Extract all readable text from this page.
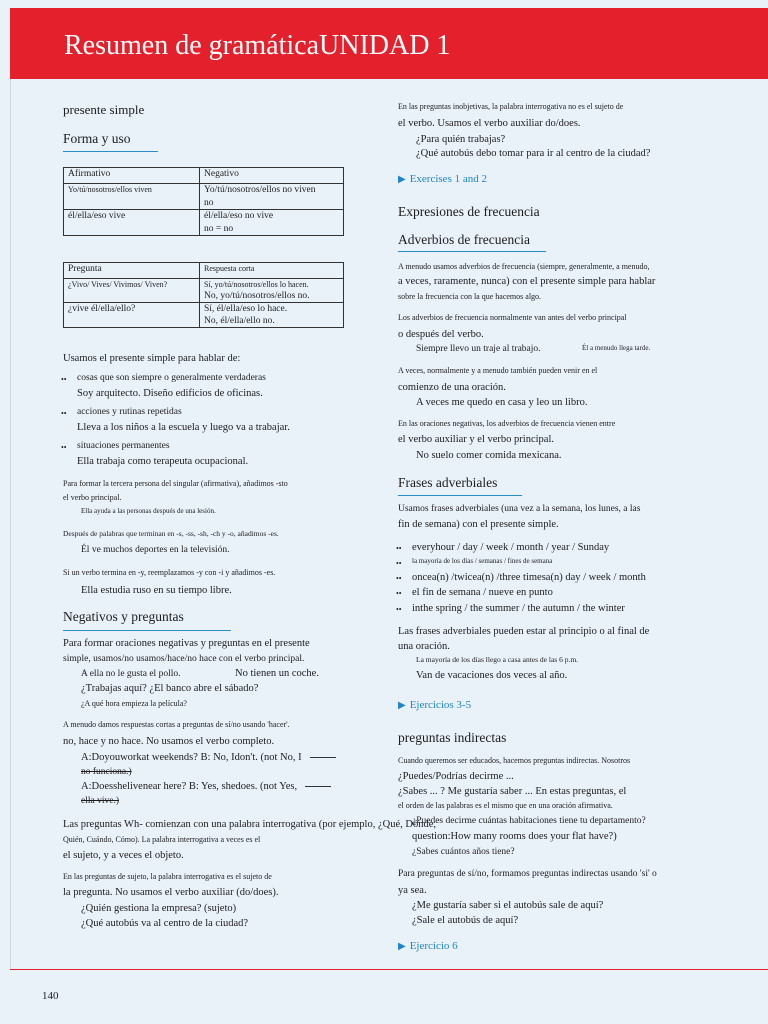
Resumen de gramáticaUNIDAD 1
presente simple
Forma y uso
Afirmativo	Negativo
Yo/tú/nosotros/ellos viven	Yo/tú/nosotros/ellos no viven
no

él/ella/eso vive	él/ella/eso no vive
no = no
Pregunta	Respuesta corta
¿Vivo/ Vives/ Vivimos/ Viven?	Sí, yo/tú/nosotros/ellos lo hacen.
No, yo/tú/nosotros/ellos no.

¿vive él/ella/ello?	Sí, él/ella/eso lo hace.
No, él/ella/ello no.
Usamos el presente simple para hablar de:
•• cosas que son siempre o generalmente verdaderas
Soy arquitecto. Diseño edificios de oficinas.
•• acciones y rutinas repetidas
Lleva a los niños a la escuela y luego va a trabajar.
•• situaciones permanentes
Ella trabaja como terapeuta ocupacional.
Para formar la tercera persona del singular (afirmativa), añadimos -sto
el verbo principal.
Ella ayuda a las personas después de una lesión.
Después de palabras que terminan en -s, -ss, -sh, -ch y -o, añadimos -es.
Él ve muchos deportes en la televisión.
Si un verbo termina en -y, reemplazamos -y con -i y añadimos -es.
Ella estudia ruso en su tiempo libre.
Negativos y preguntas
Para formar oraciones negativas y preguntas en el presente
simple, usamos/no usamos/hace/no hace con el verbo principal.
A ella no le gusta el pollo.	No tienen un coche.
¿Trabajas aquí? ¿El banco abre el sábado?
¿A qué hora empieza la película?
A menudo damos respuestas cortas a preguntas de sí/no usando 'hacer'.
no, hace y no hace. No usamos el verbo completo.
A:Doyouworkat weekends? B: No, Idon't. (not No, I
no funciona.)
A:Doesshelivenear here? B: Yes, shedoes. (not Yes,
ella vive.)
Las preguntas Wh- comienzan con una palabra interrogativa (por ejemplo, ¿Qué, Dónde,
Quién, Cuándo, Cómo). La palabra interrogativa a veces es el
el sujeto, y a veces el objeto.
En las preguntas de sujeto, la palabra interrogativa es el sujeto de
la pregunta. No usamos el verbo auxiliar (do/does).
¿Quién gestiona la empresa? (sujeto)
¿Qué autobús va al centro de la ciudad?
En las preguntas inobjetivas, la palabra interrogativa no es el sujeto de
el verbo. Usamos el verbo auxiliar do/does.
¿Para quién trabajas?
¿Qué autobús debo tomar para ir al centro de la ciudad?
▶ Exercises 1 and 2
Expresiones de frecuencia
Adverbios de frecuencia
A menudo usamos adverbios de frecuencia (siempre, generalmente, a menudo,
a veces, raramente, nunca) con el presente simple para hablar
sobre la frecuencia con la que hacemos algo.
Los adverbios de frecuencia normalmente van antes del verbo principal
o después del verbo.
Siempre llevo un traje al trabajo.	Él a menudo llega tarde.
A veces, normalmente y a menudo también pueden venir en el
comienzo de una oración.
A veces me quedo en casa y leo un libro.
En las oraciones negativas, los adverbios de frecuencia vienen entre
el verbo auxiliar y el verbo principal.
No suelo comer comida mexicana.
Frases adverbiales
Usamos frases adverbiales (una vez a la semana, los lunes, a las
fin de semana) con el presente simple.
•• everyhour / day / week / month / year / Sunday
•• la mayoría de los días / semanas / fines de semana
•• oncea(n) /twicea(n) /three timesa(n) day / week / month
•• el fin de semana / nueve en punto
•• inthe spring / the summer / the autumn / the winter
Las frases adverbiales pueden estar al principio o al final de
una oración.
La mayoría de los días llego a casa antes de las 6 p.m.
Van de vacaciones dos veces al año.
▶ Ejercicios 3-5
preguntas indirectas
Cuando queremos ser educados, hacemos preguntas indirectas. Nosotros
¿Puedes/Podrías decirme ...
¿Sabes ... ? Me gustaría saber ... En estas preguntas, el
el orden de las palabras es el mismo que en una oración afirmativa.
¿Puedes decirme cuántas habitaciones tiene tu departamento?
question:How many rooms does your flat have?)
¿Sabes cuántos años tiene?
Para preguntas de sí/no, formamos preguntas indirectas usando 'si' o
ya sea.
¿Me gustaría saber si el autobús sale de aquí?
¿Sale el autobús de aquí?
▶ Ejercicio 6
140
